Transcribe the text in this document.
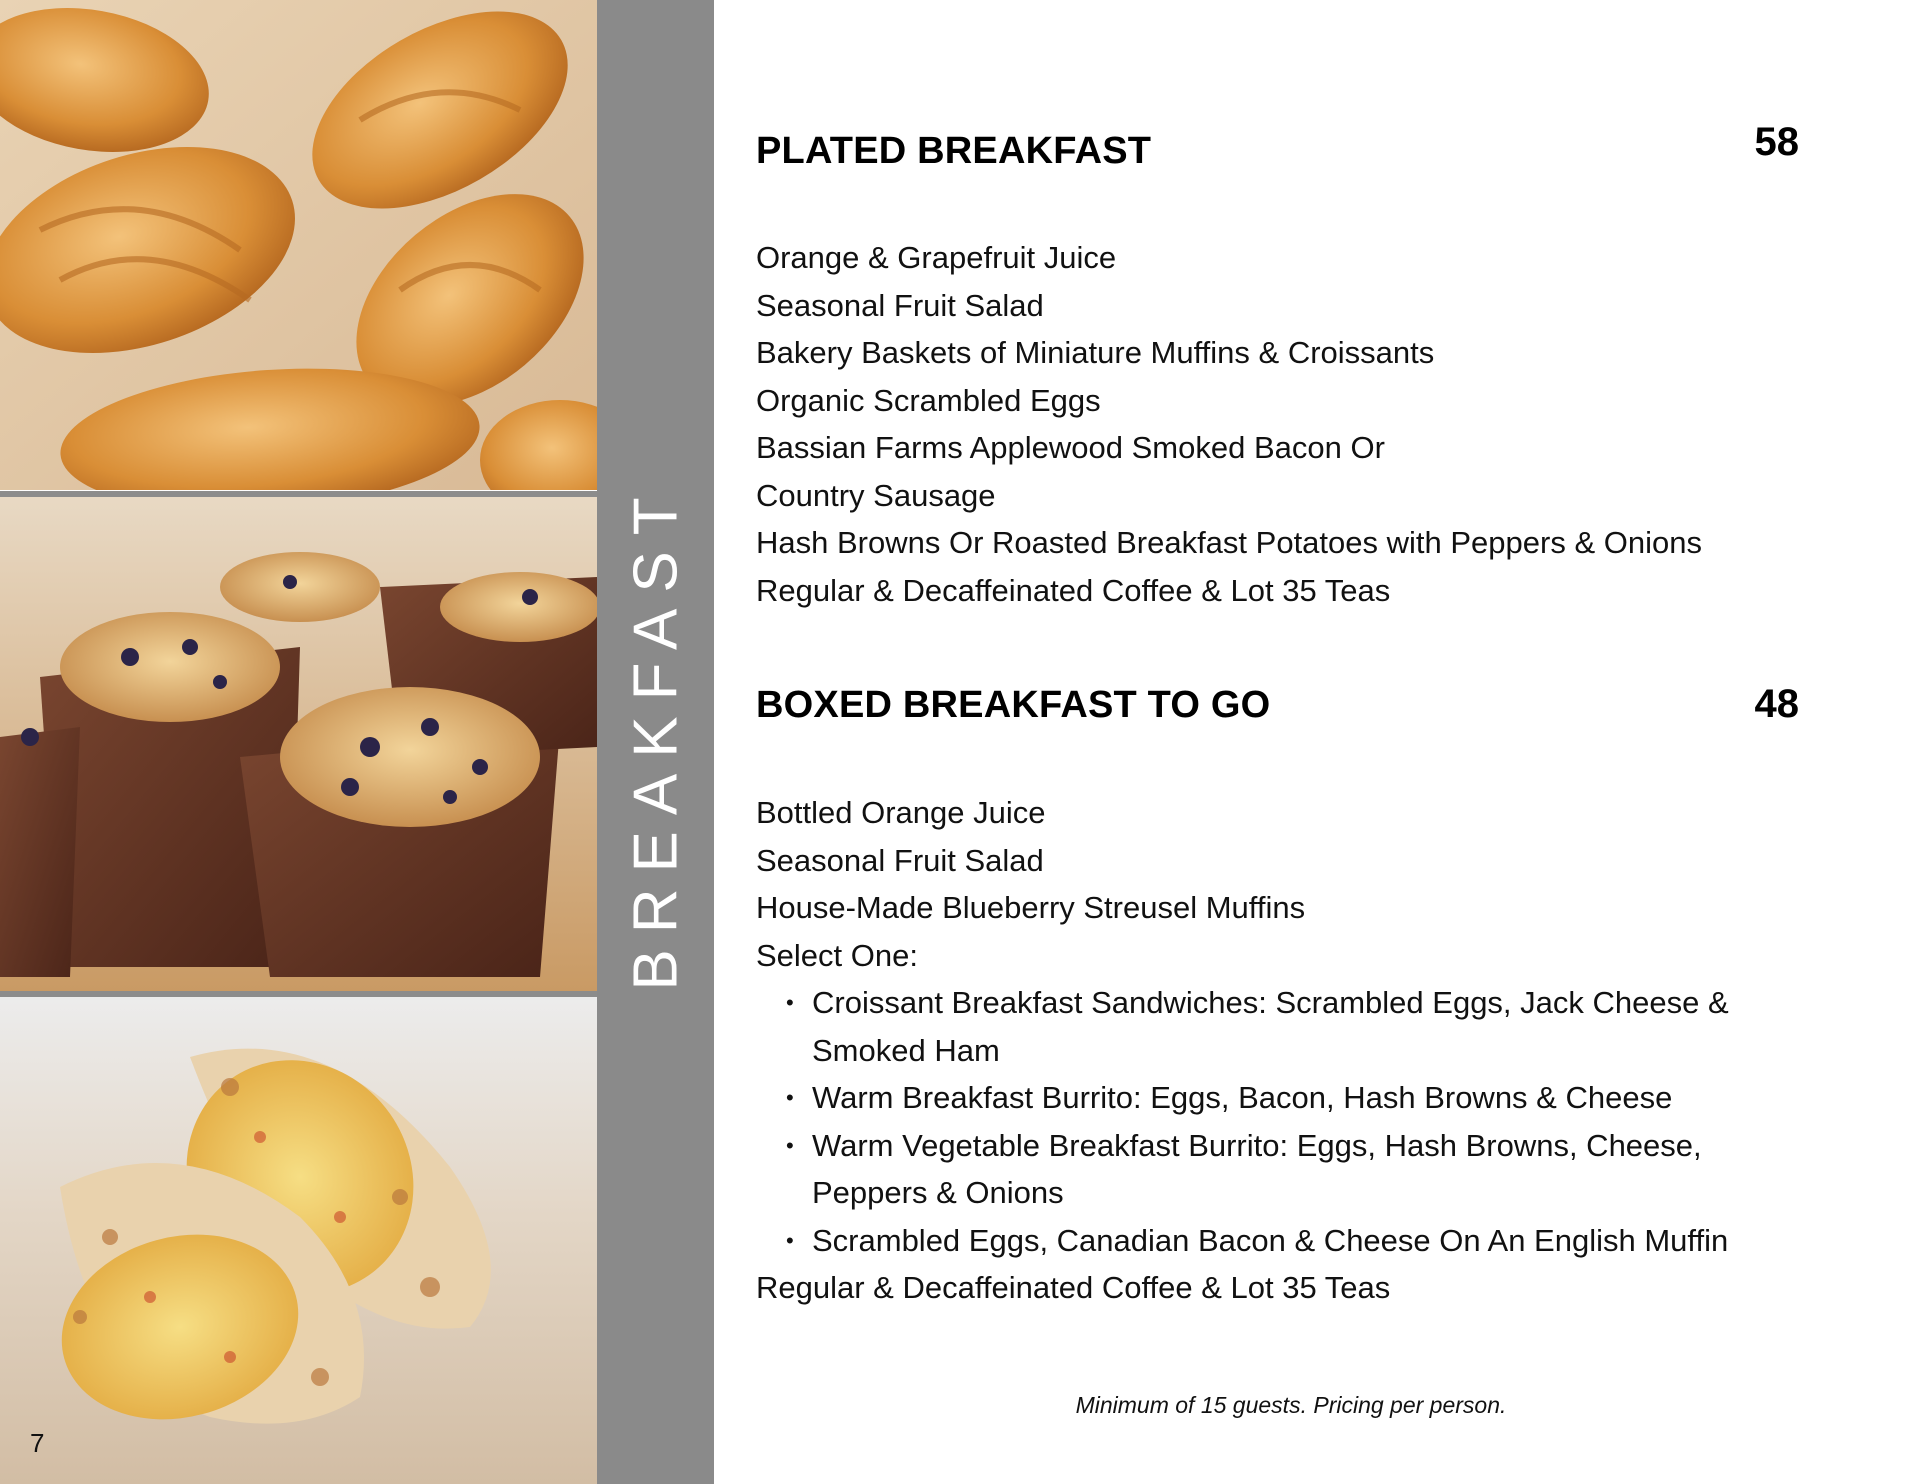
7
BREAKFAST
PLATED BREAKFAST	58
Orange & Grapefruit Juice
Seasonal Fruit Salad
Bakery Baskets of Miniature Muffins & Croissants
Organic Scrambled Eggs
Bassian Farms Applewood Smoked Bacon Or
Country Sausage
Hash Browns Or Roasted Breakfast Potatoes with Peppers & Onions
Regular & Decaffeinated Coffee & Lot 35 Teas
BOXED BREAKFAST TO GO	48
Bottled Orange Juice
Seasonal Fruit Salad
House-Made Blueberry Streusel Muffins
Select One:
• Croissant Breakfast Sandwiches: Scrambled Eggs, Jack Cheese & Smoked Ham
• Warm Breakfast Burrito: Eggs, Bacon, Hash Browns & Cheese
• Warm Vegetable Breakfast Burrito: Eggs, Hash Browns, Cheese, Peppers & Onions
• Scrambled Eggs, Canadian Bacon & Cheese On An English Muffin
Regular & Decaffeinated Coffee & Lot 35 Teas
Minimum of 15 guests. Pricing per person.
